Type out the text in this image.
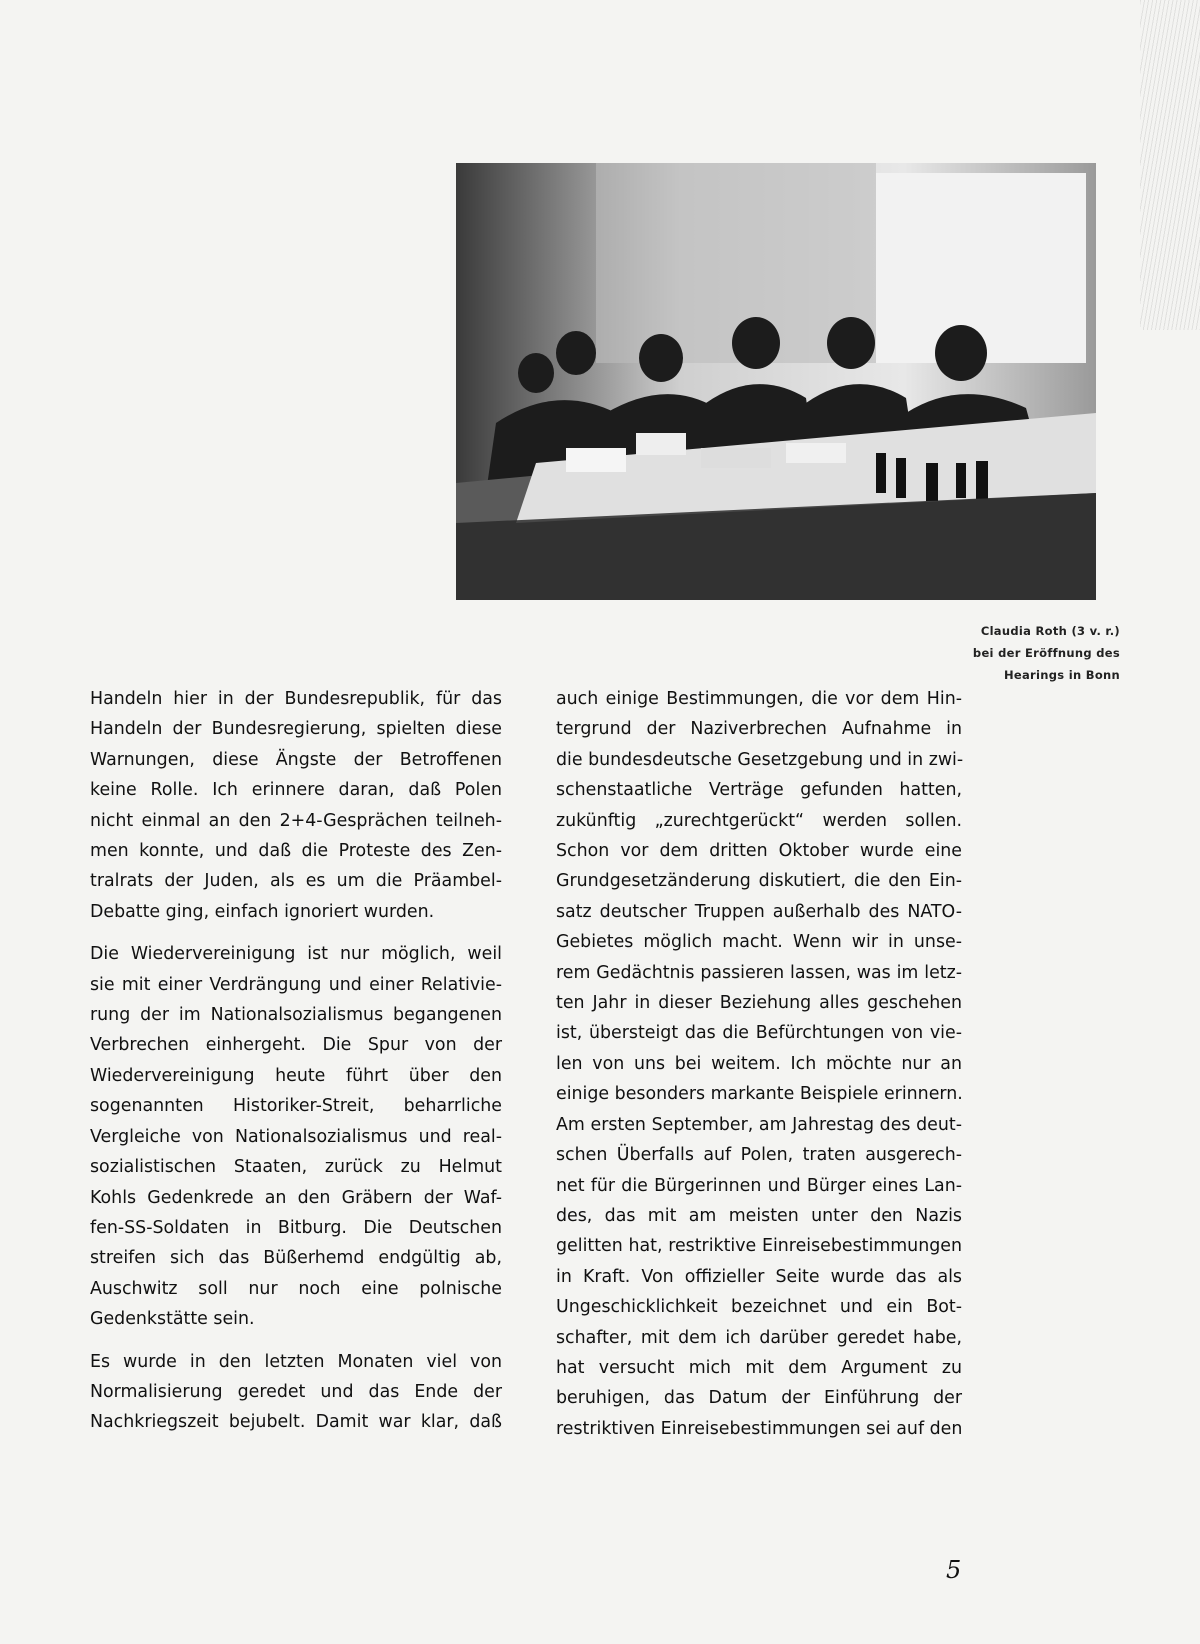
Claudia Roth (3 v. r.)
bei der Eröffnung des
Hearings in Bonn
Handeln hier in der Bundesrepublik, für das
Handeln der Bundesregierung, spielten diese
Warnungen, diese Ängste der Betroffenen
keine Rolle. Ich erinnere daran, daß Polen
nicht einmal an den 2+4-Gesprächen teilneh-
men konnte, und daß die Proteste des Zen-
tralrats der Juden, als es um die Präambel-
Debatte ging, einfach ignoriert wurden.
Die Wiedervereinigung ist nur möglich, weil
sie mit einer Verdrängung und einer Relativie-
rung der im Nationalsozialismus begangenen
Verbrechen einhergeht. Die Spur von der
Wiedervereinigung heute führt über den
sogenannten Historiker-Streit, beharrliche
Vergleiche von Nationalsozialismus und real-
sozialistischen Staaten, zurück zu Helmut
Kohls Gedenkrede an den Gräbern der Waf-
fen-SS-Soldaten in Bitburg. Die Deutschen
streifen sich das Büßerhemd endgültig ab,
Auschwitz soll nur noch eine polnische
Gedenkstätte sein.
Es wurde in den letzten Monaten viel von
Normalisierung geredet und das Ende der
Nachkriegszeit bejubelt. Damit war klar, daß
auch einige Bestimmungen, die vor dem Hin-
tergrund der Naziverbrechen Aufnahme in
die bundesdeutsche Gesetzgebung und in zwi-
schenstaatliche Verträge gefunden hatten,
zukünftig „zurechtgerückt“ werden sollen.
Schon vor dem dritten Oktober wurde eine
Grundgesetzänderung diskutiert, die den Ein-
satz deutscher Truppen außerhalb des NATO-
Gebietes möglich macht. Wenn wir in unse-
rem Gedächtnis passieren lassen, was im letz-
ten Jahr in dieser Beziehung alles geschehen
ist, übersteigt das die Befürchtungen von vie-
len von uns bei weitem. Ich möchte nur an
einige besonders markante Beispiele erinnern.
Am ersten September, am Jahrestag des deut-
schen Überfalls auf Polen, traten ausgerech-
net für die Bürgerinnen und Bürger eines Lan-
des, das mit am meisten unter den Nazis
gelitten hat, restriktive Einreisebestimmungen
in Kraft. Von offizieller Seite wurde das als
Ungeschicklichkeit bezeichnet und ein Bot-
schafter, mit dem ich darüber geredet habe,
hat versucht mich mit dem Argument zu
beruhigen, das Datum der Einführung der
restriktiven Einreisebestimmungen sei auf den
5
